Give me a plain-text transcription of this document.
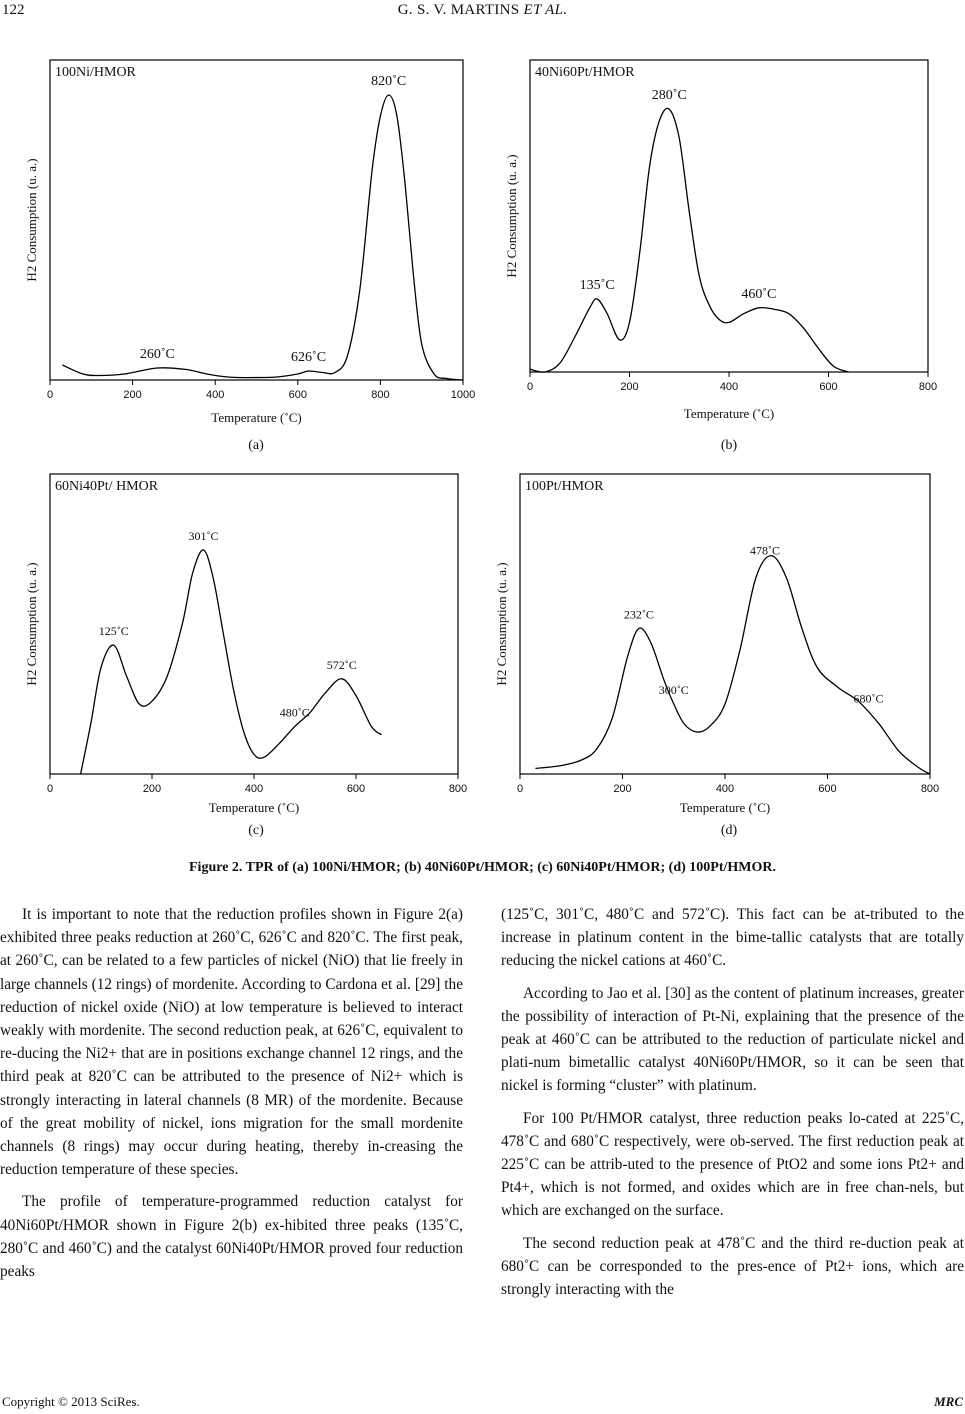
122	G. S. V. MARTINS ET AL.
0	200	400	600	800	1000
100Ni/HMOR
260˚C	626˚C
820˚C
Temperature (˚C)
H2 Consumption (u. a.)
(a)
0	200	400	600	800
40Ni60Pt/HMOR
135˚C
280˚C
460˚C
Temperature (˚C)
H2 Consumption (u. a.)
(b)
0	200	400	600	800
60Ni40Pt/ HMOR
125˚C
301˚C
480˚C
572˚C
Temperature (˚C)
H2 Consumption (u. a.)
(c)
0	200	400	600	800
100Pt/HMOR
232˚C
300˚C
478˚C
680˚C
Temperature (˚C)
H2 Consumption (u. a.)
(d)
Figure 2. TPR of (a) 100Ni/HMOR; (b) 40Ni60Pt/HMOR; (c) 60Ni40Pt/HMOR; (d) 100Pt/HMOR.

It is important to note that the reduction profiles shown in Figure 2(a) exhibited three peaks reduction at 260˚C, 626˚C and 820˚C. The first peak, at 260˚C, can be related to a few particles of nickel (NiO) that lie freely in large channels (12 rings) of mordenite. According to Cardona et al. [29] the reduction of nickel oxide (NiO) at low temperature is believed to interact weakly with mordenite. The second reduction peak, at 626˚C, equivalent to re-ducing the Ni2+ that are in positions exchange channel 12 rings, and the third peak at 820˚C can be attributed to the presence of Ni2+ which is strongly interacting in lateral channels (8 MR) of the mordenite. Because of the great mobility of nickel, ions migration for the small mordenite channels (8 rings) may occur during heating, thereby in-creasing the reduction temperature of these species.

The profile of temperature-programmed reduction catalyst for 40Ni60Pt/HMOR shown in Figure 2(b) ex-hibited three peaks (135˚C, 280˚C and 460˚C) and the catalyst 60Ni40Pt/HMOR proved four reduction peaks

(125˚C, 301˚C, 480˚C and 572˚C). This fact can be at-tributed to the increase in platinum content in the bime-tallic catalysts that are totally reducing the nickel cations at 460˚C.

According to Jao et al. [30] as the content of platinum increases, greater the possibility of interaction of Pt-Ni, explaining that the presence of the peak at 460˚C can be attributed to the reduction of particulate nickel and plati-num bimetallic catalyst 40Ni60Pt/HMOR, so it can be seen that nickel is forming “cluster” with platinum.

For 100 Pt/HMOR catalyst, three reduction peaks lo-cated at 225˚C, 478˚C and 680˚C respectively, were ob-served. The first reduction peak at 225˚C can be attrib-uted to the presence of PtO2 and some ions Pt2+ and Pt4+, which is not formed, and oxides which are in free chan-nels, but which are exchanged on the surface.

The second reduction peak at 478˚C and the third re-duction peak at 680˚C can be corresponded to the pres-ence of Pt2+ ions, which are strongly interacting with the

Copyright © 2013 SciRes.	MRC
